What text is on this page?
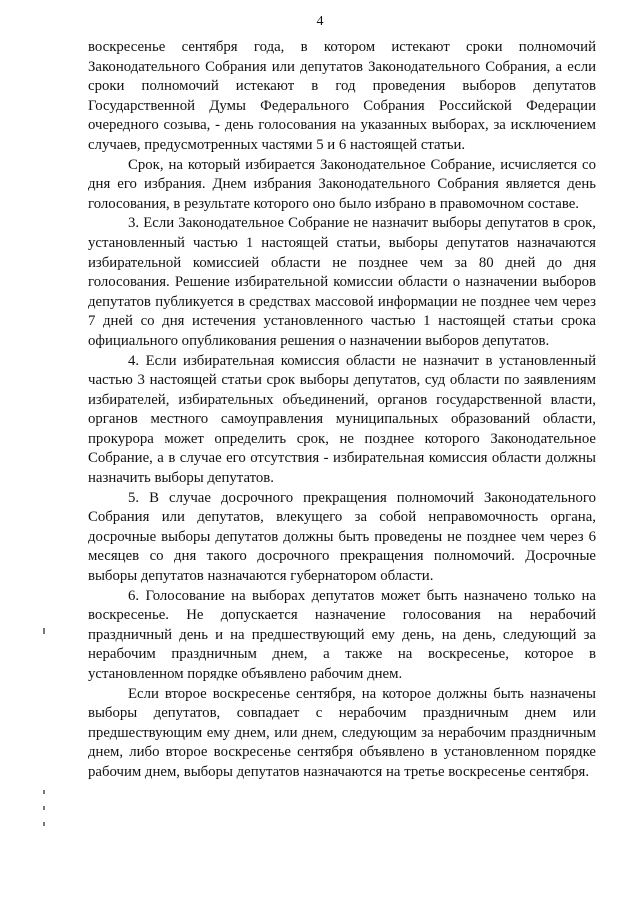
4

воскресенье сентября года, в котором истекают сроки полномочий Законодательного Собрания или депутатов Законодательного Собрания, а если сроки полномочий истекают в год проведения выборов депутатов Государственной Думы Федерального Собрания Российской Федерации очередного созыва, - день голосования на указанных выборах, за исключением случаев, предусмотренных частями 5 и 6 настоящей статьи.

Срок, на который избирается Законодательное Собрание, исчисляется со дня его избрания. Днем избрания Законодательного Собрания является день голосования, в результате которого оно было избрано в правомочном составе.

3. Если Законодательное Собрание не назначит выборы депутатов в срок, установленный частью 1 настоящей статьи, выборы депутатов назначаются избирательной комиссией области не позднее чем за 80 дней до дня голосования. Решение избирательной комиссии области о назначении выборов депутатов публикуется в средствах массовой информации не позднее чем через 7 дней со дня истечения установленного частью 1 настоящей статьи срока официального опубликования решения о назначении выборов депутатов.

4. Если избирательная комиссия области не назначит в установленный частью 3 настоящей статьи срок выборы депутатов, суд области по заявлениям избирателей, избирательных объединений, органов государственной власти, органов местного самоуправления муниципальных образований области, прокурора может определить срок, не позднее которого Законодательное Собрание, а в случае его отсутствия - избирательная комиссия области должны назначить выборы депутатов.

5. В случае досрочного прекращения полномочий Законодательного Собрания или депутатов, влекущего за собой неправомочность органа, досрочные выборы депутатов должны быть проведены не позднее чем через 6 месяцев со дня такого досрочного прекращения полномочий. Досрочные выборы депутатов назначаются губернатором области.

6. Голосование на выборах депутатов может быть назначено только на воскресенье. Не допускается назначение голосования на нерабочий праздничный день и на предшествующий ему день, на день, следующий за нерабочим праздничным днем, а также на воскресенье, которое в установленном порядке объявлено рабочим днем.

Если второе воскресенье сентября, на которое должны быть назначены выборы депутатов, совпадает с нерабочим праздничным днем или предшествующим ему днем, или днем, следующим за нерабочим праздничным днем, либо второе воскресенье сентября объявлено в установленном порядке рабочим днем, выборы депутатов назначаются на третье воскресенье сентября.
